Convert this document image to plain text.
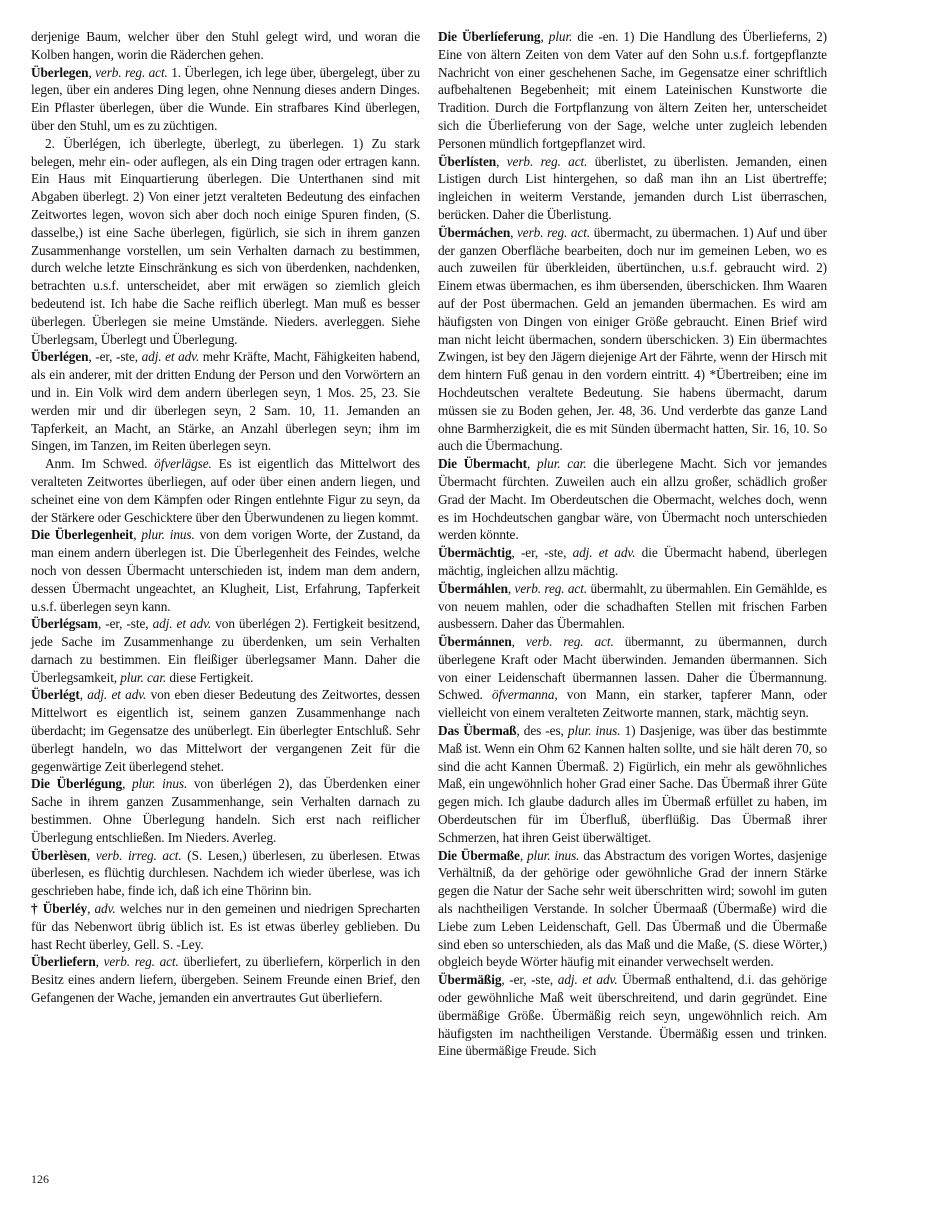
derjenige Baum, welcher über den Stuhl gelegt wird, und woran die Kolben hangen, worin die Räderchen gehen.

Überlegen, verb. reg. act. 1. Überlegen, ich lege über, übergelegt, über zu legen, über ein anderes Ding legen, ohne Nennung dieses andern Dinges. Ein Pflaster überlegen, über die Wunde. Ein strafbares Kind überlegen, über den Stuhl, um es zu züchtigen.

2. Überlégen, ich überlegte, überlegt, zu überlegen. 1) Zu stark belegen, mehr ein- oder auflegen, als ein Ding tragen oder ertragen kann. Ein Haus mit Einquartierung überlegen. Die Unterthanen sind mit Abgaben überlegt. 2) Von einer jetzt veralteten Bedeutung des einfachen Zeitwortes legen, wovon sich aber doch noch einige Spuren finden, (S. dasselbe,) ist eine Sache überlegen, figürlich, sie sich in ihrem ganzen Zusammenhange vorstellen, um sein Verhalten darnach zu bestimmen, durch welche letzte Einschränkung es sich von überdenken, nachdenken, betrachten u.s.f. unterscheidet, aber mit erwägen so ziemlich gleich bedeutend ist. Ich habe die Sache reiflich überlegt. Man muß es besser überlegen. Überlegen sie meine Umstände. Nieders. averleggen. Siehe Überlegsam, Überlegt und Überlegung.

Überlégen, -er, -ste, adj. et adv. mehr Kräfte, Macht, Fähigkeiten habend, als ein anderer, mit der dritten Endung der Person und den Vorwörtern an und in. Ein Volk wird dem andern überlegen seyn, 1 Mos. 25, 23. Sie werden mir und dir überlegen seyn, 2 Sam. 10, 11. Jemanden an Tapferkeit, an Macht, an Stärke, an Anzahl überlegen seyn; ihm im Singen, im Tanzen, im Reiten überlegen seyn.

Anm. Im Schwed. öfverlägse. Es ist eigentlich das Mittelwort des veralteten Zeitwortes überliegen, auf oder über einen andern liegen, und scheinet eine von dem Kämpfen oder Ringen entlehnte Figur zu seyn, da der Stärkere oder Geschicktere über den Überwundenen zu liegen kommt.

Die Überlegenheit, plur. inus. von dem vorigen Worte, der Zustand, da man einem andern überlegen ist. Die Überlegenheit des Feindes, welche noch von dessen Übermacht unterschieden ist, indem man dem andern, dessen Übermacht ungeachtet, an Klugheit, List, Erfahrung, Tapferkeit u.s.f. überlegen seyn kann.

Überlégsam, -er, -ste, adj. et adv. von überlégen 2). Fertigkeit besitzend, jede Sache im Zusammenhange zu überdenken, um sein Verhalten darnach zu bestimmen. Ein fleißiger überlegsamer Mann. Daher die Überlegsamkeit, plur. car. diese Fertigkeit.

Überlégt, adj. et adv. von eben dieser Bedeutung des Zeitwortes, dessen Mittelwort es eigentlich ist, seinem ganzen Zusammenhange nach überdacht; im Gegensatze des unüberlegt. Ein überlegter Entschluß. Sehr überlegt handeln, wo das Mittelwort der vergangenen Zeit für die gegenwärtige Zeit überlegend stehet.

Die Überlégung, plur. inus. von überlégen 2), das Überdenken einer Sache in ihrem ganzen Zusammenhange, sein Verhalten darnach zu bestimmen. Ohne Überlegung handeln. Sich erst nach reiflicher Überlegung entschließen. Im Nieders. Averleg.

Überlèsen, verb. irreg. act. (S. Lesen,) überlesen, zu überlesen. Etwas überlesen, es flüchtig durchlesen. Nachdem ich wieder überlese, was ich geschrieben habe, finde ich, daß ich eine Thörinn bin.

† Überléy, adv. welches nur in den gemeinen und niedrigen Sprecharten für das Nebenwort übrig üblich ist. Es ist etwas überley geblieben. Du hast Recht überley, Gell. S. -Ley.

Überliefern, verb. reg. act. überliefert, zu überliefern, körperlich in den Besitz eines andern liefern, übergeben. Seinem Freunde einen Brief, den Gefangenen der Wache, jemanden ein anvertrautes Gut überliefern.

Die Überlíeferung, plur. die -en. 1) Die Handlung des Überlieferns, 2) Eine von ältern Zeiten von dem Vater auf den Sohn u.s.f. fortgepflanzte Nachricht von einer geschehenen Sache, im Gegensatze einer schriftlich aufbehaltenen Begebenheit; mit einem Lateinischen Kunstworte die Tradition. Durch die Fortpflanzung von ältern Zeiten her, unterscheidet sich die Überlieferung von der Sage, welche unter zugleich lebenden Personen mündlich fortgepflanzet wird.

Überlísten, verb. reg. act. überlistet, zu überlisten. Jemanden, einen Listigen durch List hintergehen, so daß man ihn an List übertreffe; ingleichen in weiterm Verstande, jemanden durch List überraschen, berücken. Daher die Überlistung.

Übermáchen, verb. reg. act. übermacht, zu übermachen. 1) Auf und über der ganzen Oberfläche bearbeiten, doch nur im gemeinen Leben, wo es auch zuweilen für überkleiden, übertünchen, u.s.f. gebraucht wird. 2) Einem etwas übermachen, es ihm übersenden, überschicken. Ihm Waaren auf der Post übermachen. Geld an jemanden übermachen. Es wird am häufigsten von Dingen von einiger Größe gebraucht. Einen Brief wird man nicht leicht übermachen, sondern überschicken. 3) Ein übermachtes Zwingen, ist bey den Jägern diejenige Art der Fährte, wenn der Hirsch mit dem hintern Fuß genau in den vordern eintritt. 4) *Übertreiben; eine im Hochdeutschen veraltete Bedeutung. Sie habens übermacht, darum müssen sie zu Boden gehen, Jer. 48, 36. Und verderbte das ganze Land ohne Barmherzigkeit, die es mit Sünden übermacht hatten, Sir. 16, 10. So auch die Übermachung.

Die Übermacht, plur. car. die überlegene Macht. Sich vor jemandes Übermacht fürchten. Zuweilen auch ein allzu großer, schädlich großer Grad der Macht. Im Oberdeutschen die Obermacht, welches doch, wenn es im Hochdeutschen gangbar wäre, von Übermacht noch unterschieden werden könnte.

Übermächtig, -er, -ste, adj. et adv. die Übermacht habend, überlegen mächtig, ingleichen allzu mächtig.

Übermáhlen, verb. reg. act. übermahlt, zu übermahlen. Ein Gemählde, es von neuem mahlen, oder die schadhaften Stellen mit frischen Farben ausbessern. Daher das Übermahlen.

Übermánnen, verb. reg. act. übermannt, zu übermannen, durch überlegene Kraft oder Macht überwinden. Jemanden übermannen. Sich von einer Leidenschaft übermannen lassen. Daher die Übermannung. Schwed. öfvermanna, von Mann, ein starker, tapferer Mann, oder vielleicht von einem veralteten Zeitworte mannen, stark, mächtig seyn.

Das Übermaß, des -es, plur. inus. 1) Dasjenige, was über das bestimmte Maß ist. Wenn ein Ohm 62 Kannen halten sollte, und sie hält deren 70, so sind die acht Kannen Übermaß. 2) Figürlich, ein mehr als gewöhnliches Maß, ein ungewöhnlich hoher Grad einer Sache. Das Übermaß ihrer Güte gegen mich. Ich glaube dadurch alles im Übermaß erfüllet zu haben, im Oberdeutschen für im Überfluß, überflüßig. Das Übermaß ihrer Schmerzen, hat ihren Geist überwältiget.

Die Übermaße, plur. inus. das Abstractum des vorigen Wortes, dasjenige Verhältniß, da der gehörige oder gewöhnliche Grad der innern Stärke gegen die Natur der Sache sehr weit überschritten wird; sowohl im guten als nachtheiligen Verstande. In solcher Übermaaß (Übermaße) wird die Liebe zum Leben Leidenschaft, Gell. Das Übermaß und die Übermaße sind eben so unterschieden, als das Maß und die Maße, (S. diese Wörter,) obgleich beyde Wörter häufig mit einander verwechselt werden.

Übermäßig, -er, -ste, adj. et adv. Übermaß enthaltend, d.i. das gehörige oder gewöhnliche Maß weit überschreitend, und darin gegründet. Eine übermäßige Größe. Übermäßig reich seyn, ungewöhnlich reich. Am häufigsten im nachtheiligen Verstande. Übermäßig essen und trinken. Eine übermäßige Freude. Sich

126
